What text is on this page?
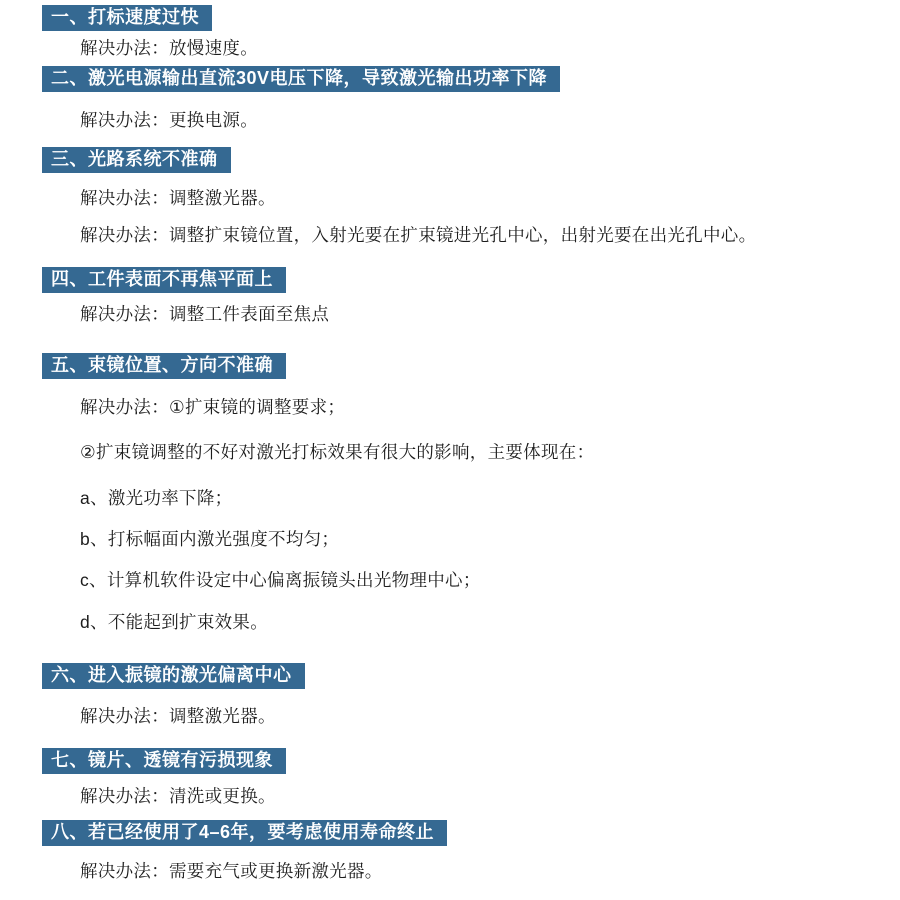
一、打标速度过快
解决办法：放慢速度。
二、激光电源输出直流30V电压下降，导致激光输出功率下降
解决办法：更换电源。
三、光路系统不准确
解决办法：调整激光器。
解决办法：调整扩束镜位置，入射光要在扩束镜进光孔中心，出射光要在出光孔中心。
四、工件表面不再焦平面上
解决办法：调整工件表面至焦点
五、束镜位置、方向不准确
解决办法：①扩束镜的调整要求；
②扩束镜调整的不好对激光打标效果有很大的影响，主要体现在：
a、激光功率下降；
b、打标幅面内激光强度不均匀；
c、计算机软件设定中心偏离振镜头出光物理中心；
d、不能起到扩束效果。
六、进入振镜的激光偏离中心
解决办法：调整激光器。
七、镜片、透镜有污损现象
解决办法：清洗或更换。
八、若已经使用了4–6年，要考虑使用寿命终止
解决办法：需要充气或更换新激光器。
